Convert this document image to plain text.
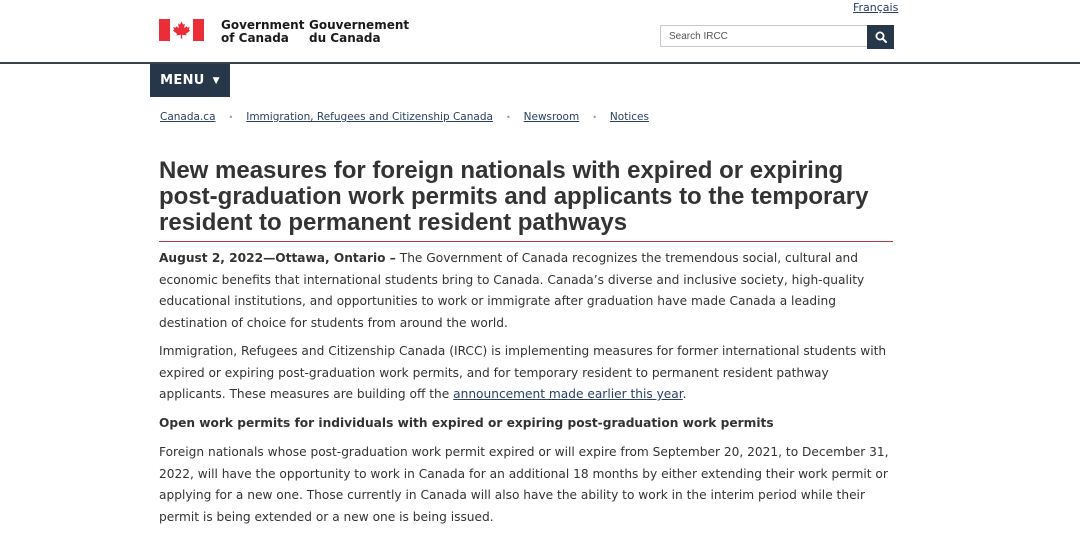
Français
Government
of Canada
Gouvernement
du Canada
Search IRCC
MENU ▼
Canada.ca • Immigration, Refugees and Citizenship Canada • Newsroom • Notices
New measures for foreign nationals with expired or expiring post-graduation work permits and applicants to the temporary resident to permanent resident pathways

August 2, 2022—Ottawa, Ontario – The Government of Canada recognizes the tremendous social, cultural and economic benefits that international students bring to Canada. Canada’s diverse and inclusive society, high-quality educational institutions, and opportunities to work or immigrate after graduation have made Canada a leading destination of choice for students from around the world.

Immigration, Refugees and Citizenship Canada (IRCC) is implementing measures for former international students with expired or expiring post-graduation work permits, and for temporary resident to permanent resident pathway applicants. These measures are building off the announcement made earlier this year.

Open work permits for individuals with expired or expiring post-graduation work permits

Foreign nationals whose post-graduation work permit expired or will expire from September 20, 2021, to December 31, 2022, will have the opportunity to work in Canada for an additional 18 months by either extending their work permit or applying for a new one. Those currently in Canada will also have the ability to work in the interim period while their permit is being extended or a new one is being issued.
